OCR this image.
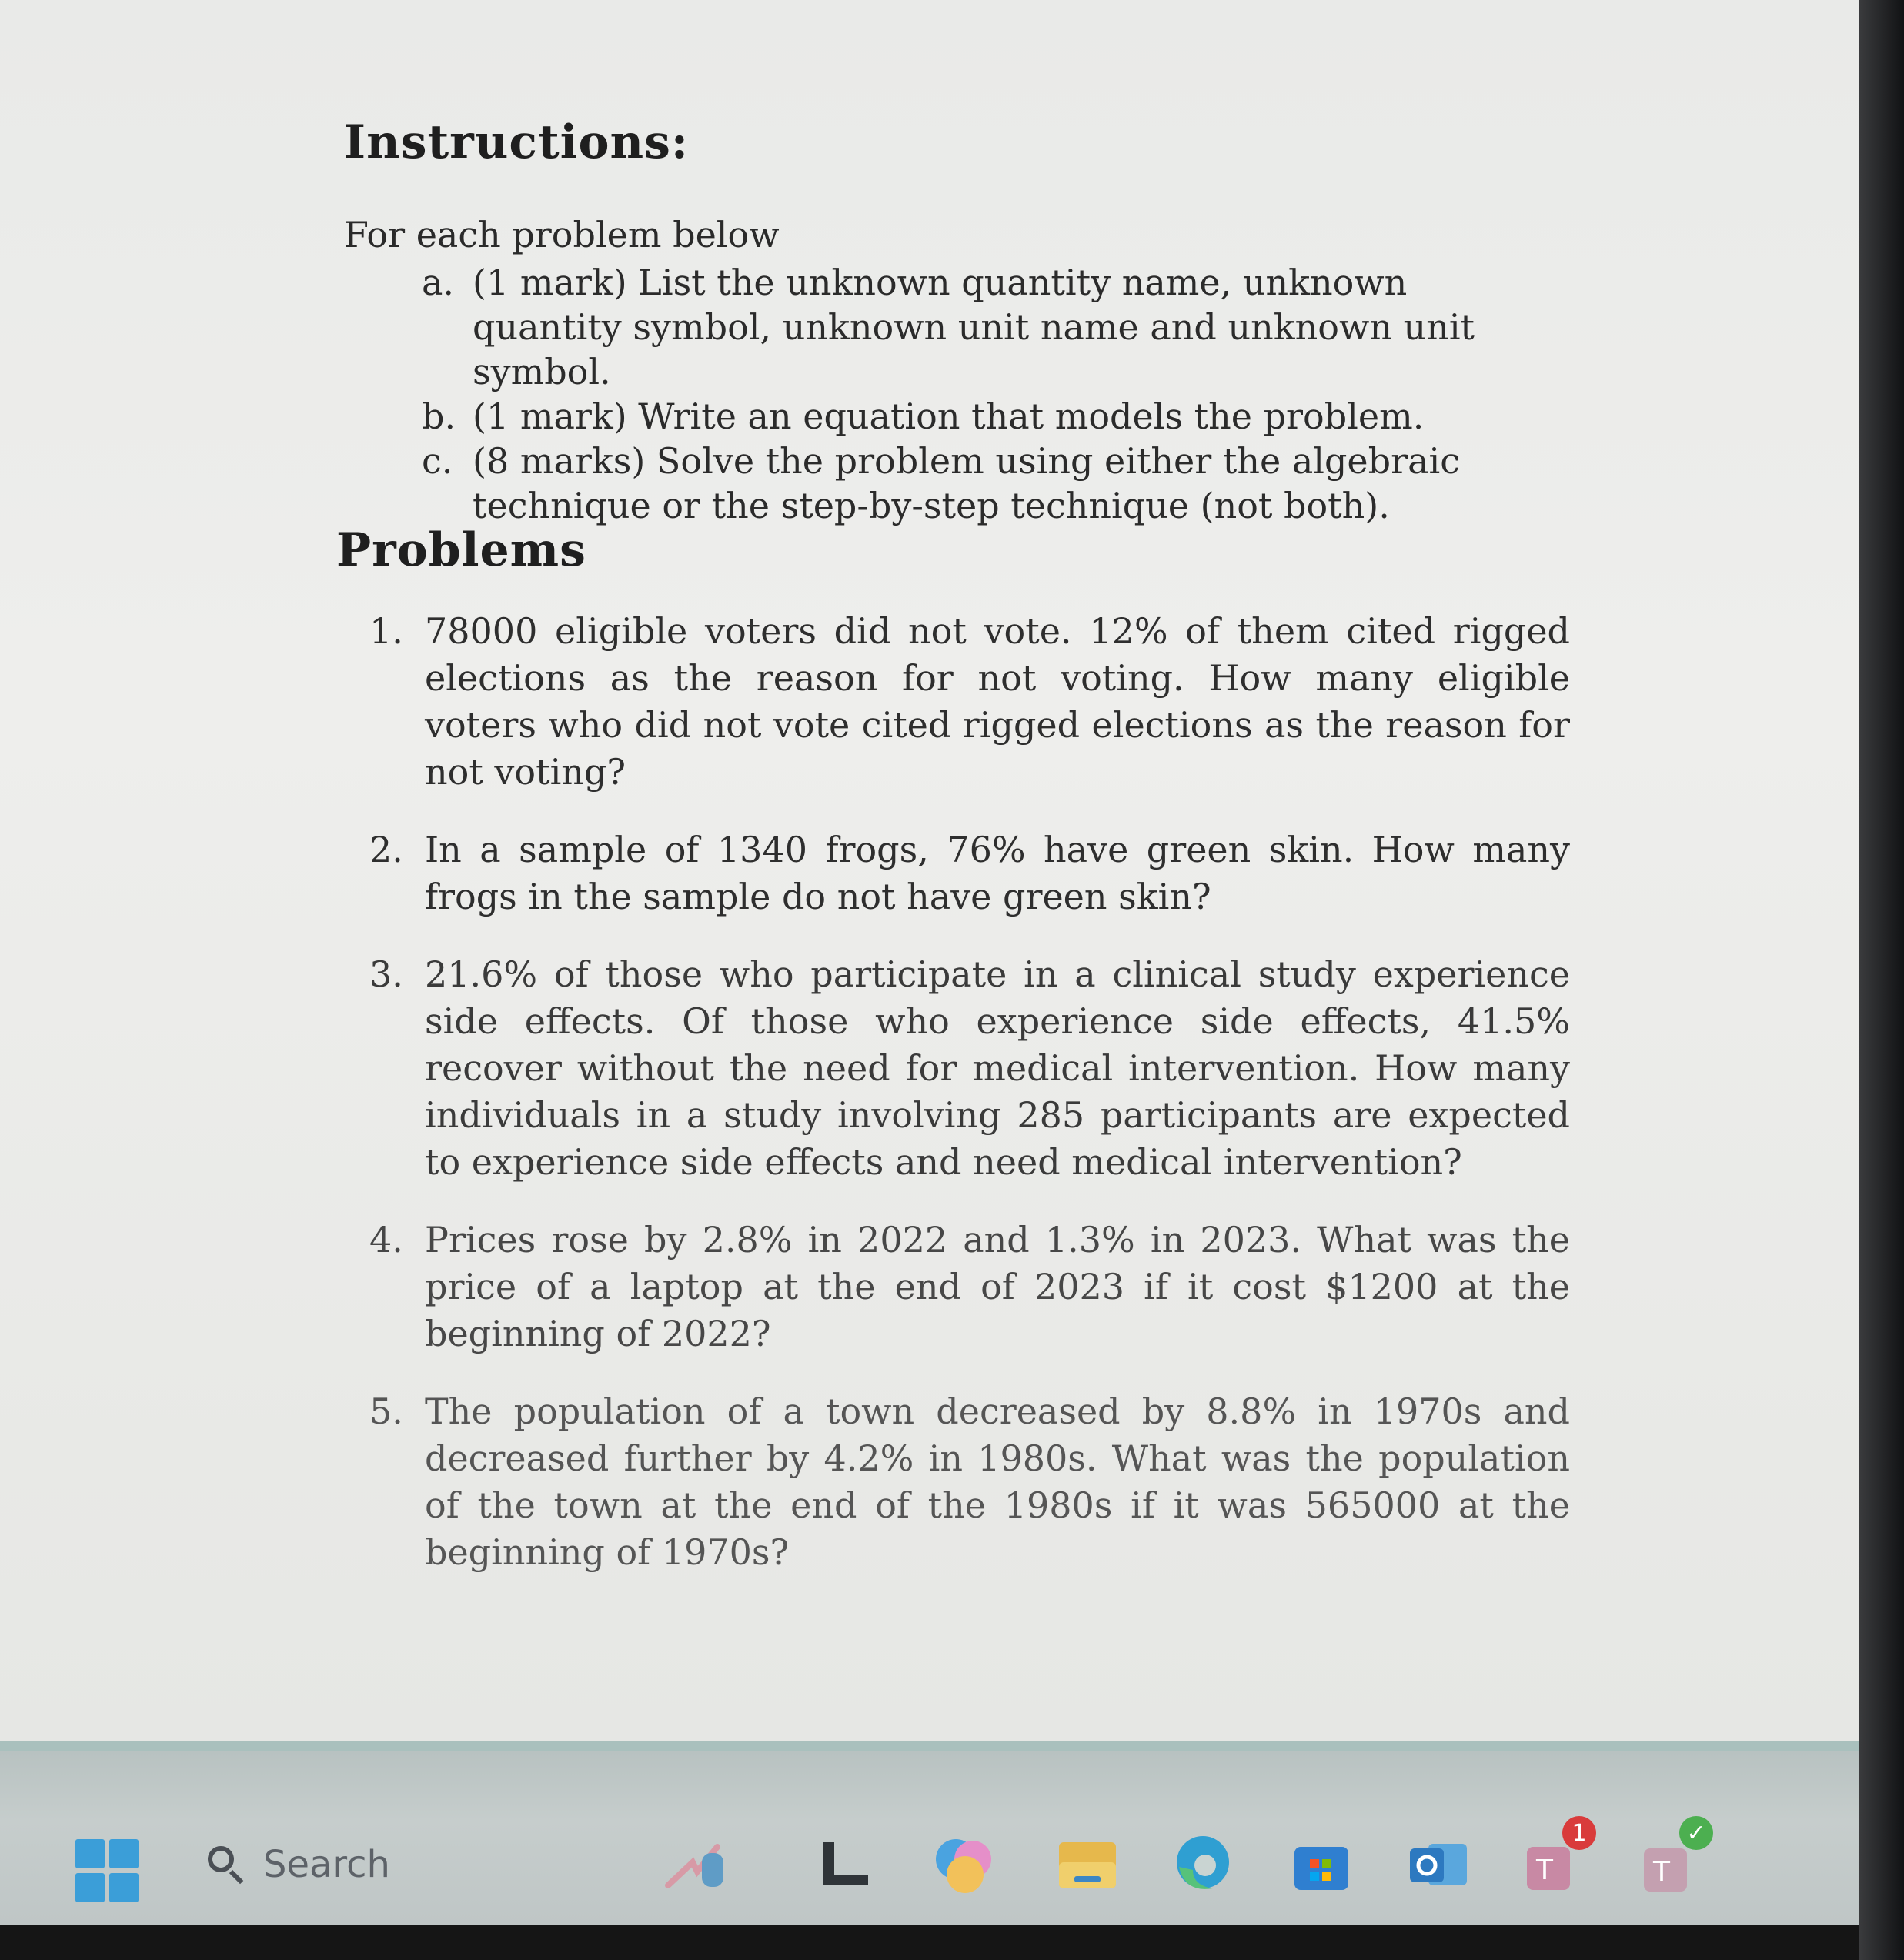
Instructions:

For each problem below

a. (1 mark) List the unknown quantity name, unknown quantity symbol, unknown unit name and unknown unit symbol.
b. (1 mark) Write an equation that models the problem.
c. (8 marks) Solve the problem using either the algebraic technique or the step-by-step technique (not both).
Problems
1. 78000 eligible voters did not vote. 12% of them cited rigged elections as the reason for not voting. How many eligible voters who did not vote cited rigged elections as the reason for not voting?
2. In a sample of 1340 frogs, 76% have green skin. How many frogs in the sample do not have green skin?
3. 21.6% of those who participate in a clinical study experience side effects. Of those who experience side effects, 41.5% recover without the need for medical intervention. How many individuals in a study involving 285 participants are expected to experience side effects and need medical intervention?
4. Prices rose by 2.8% in 2022 and 1.3% in 2023. What was the price of a laptop at the end of 2023 if it cost $1200 at the beginning of 2022?
5. The population of a town decreased by 8.8% in 1970s and decreased further by 4.2% in 1980s. What was the population of the town at the end of the 1980s if it was 565000 at the beginning of 1970s?
Search	T
1
T
✓
